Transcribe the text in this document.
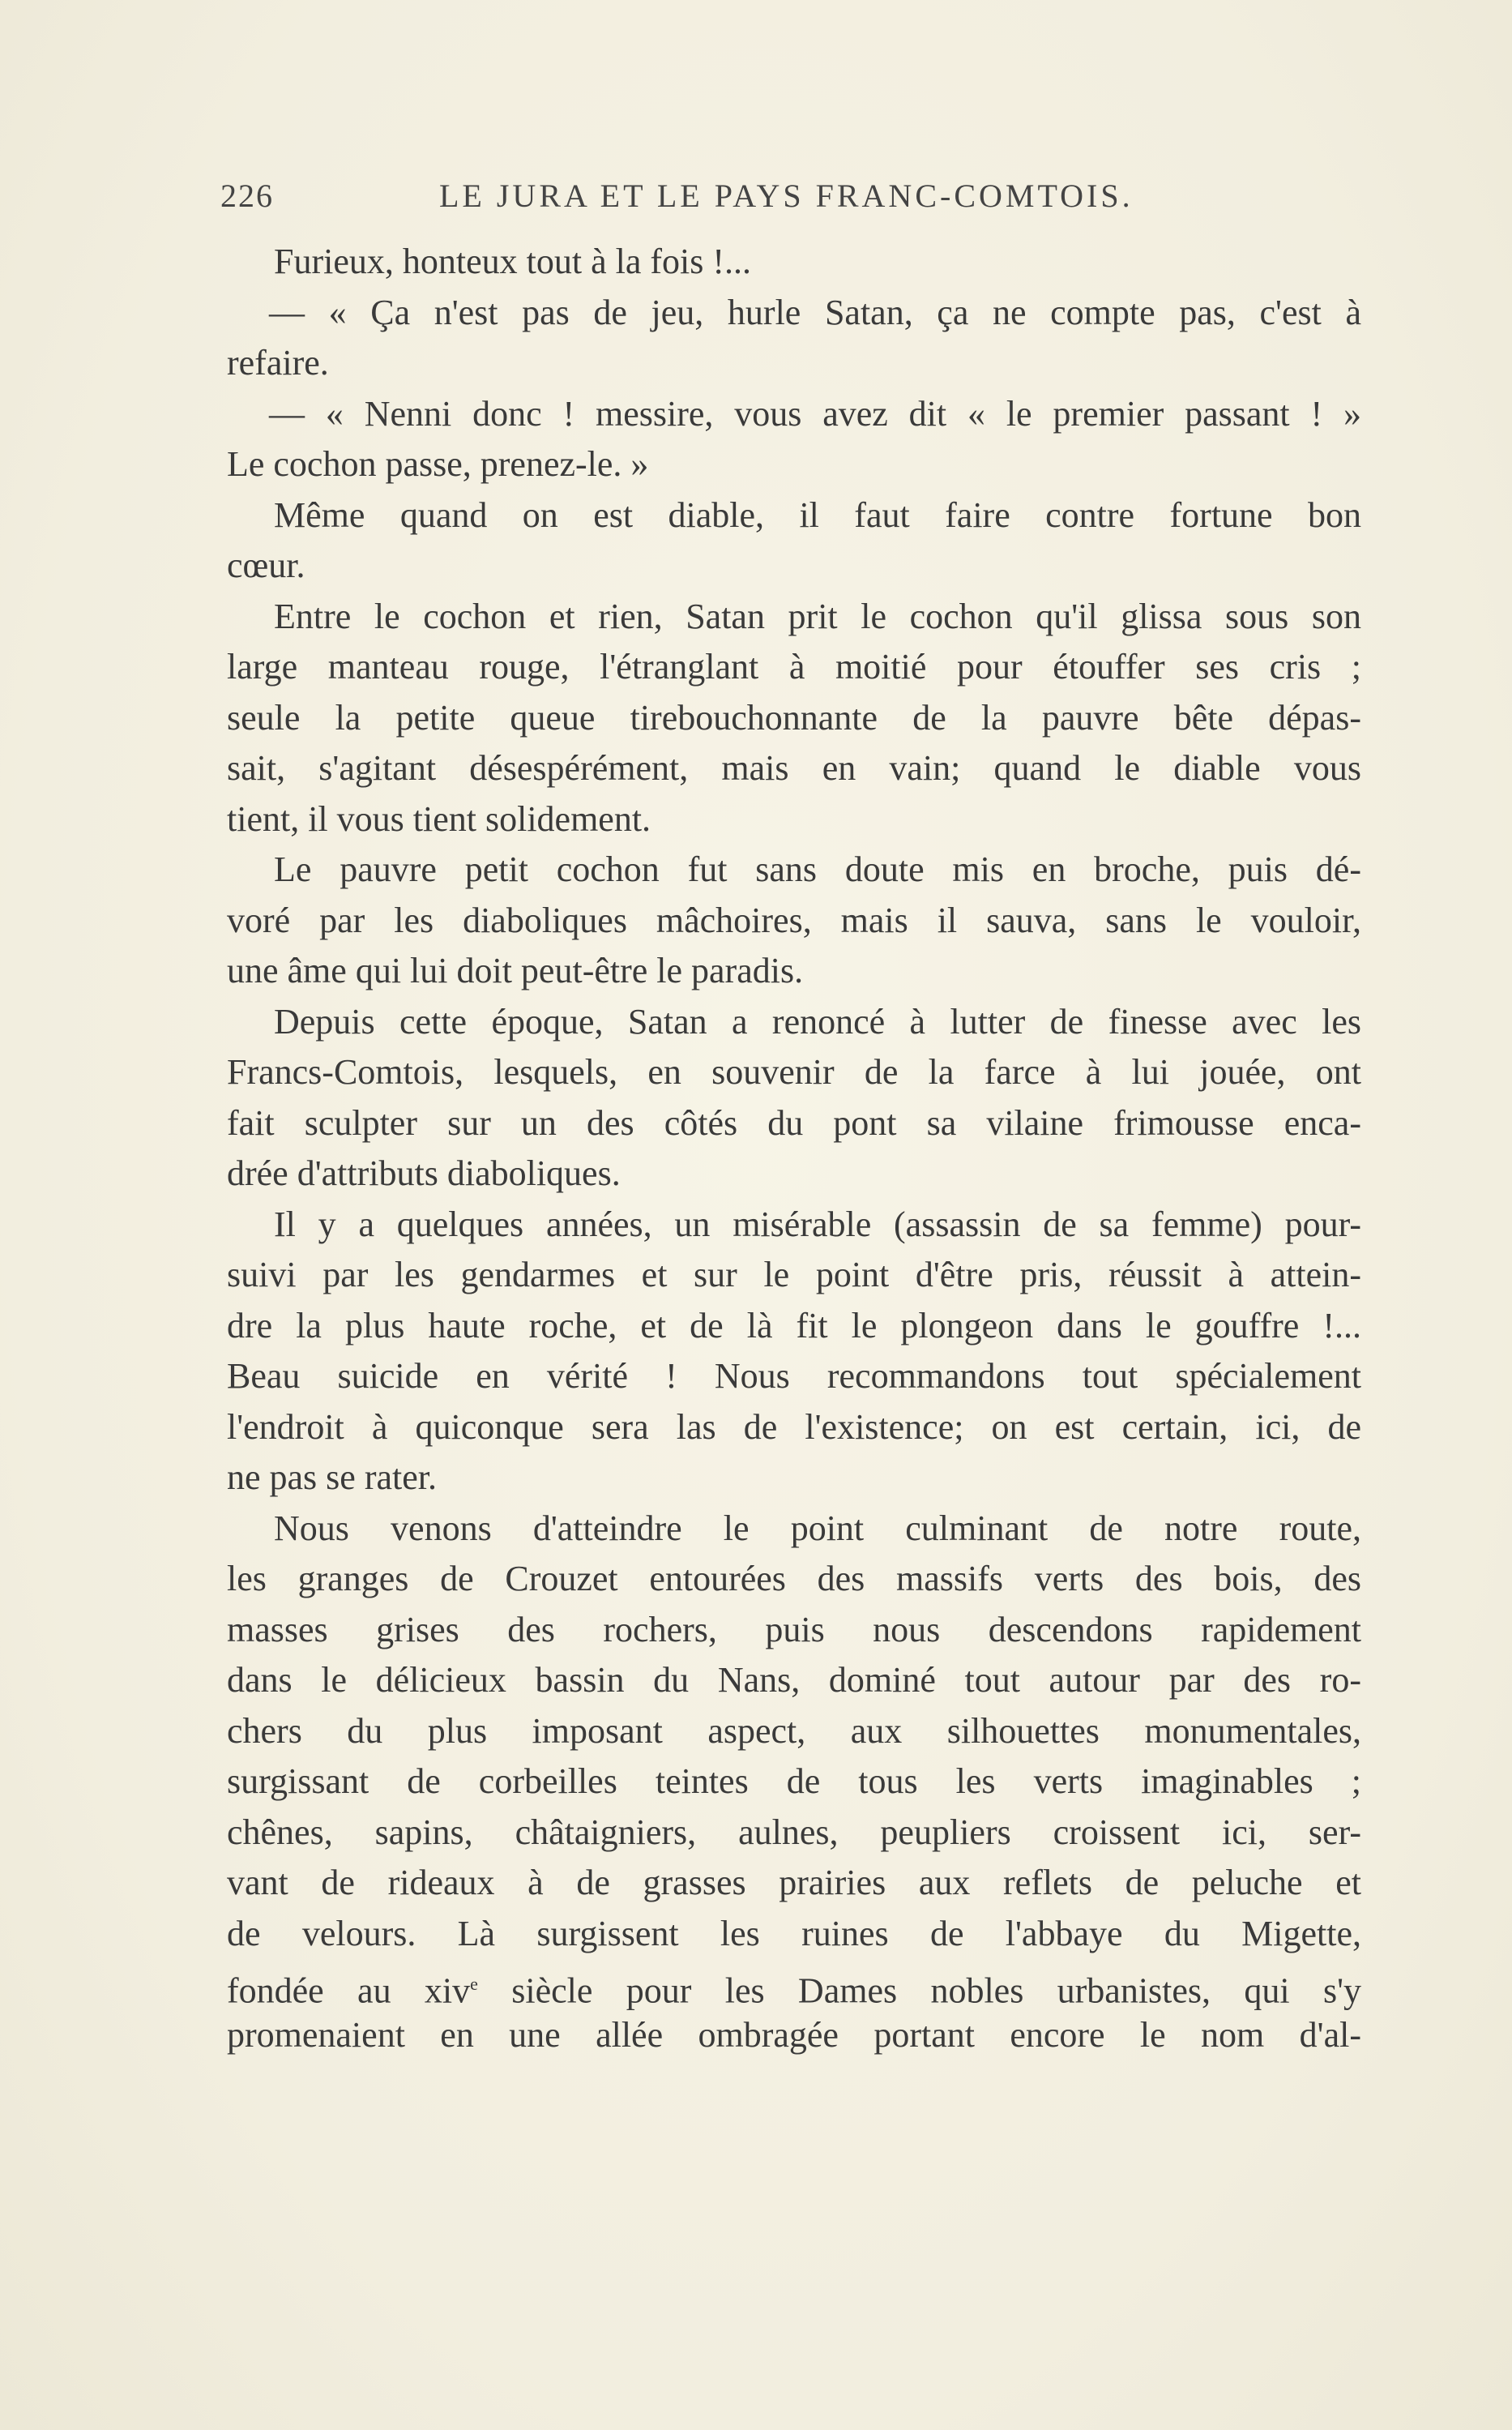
226	LE JURA ET LE PAYS FRANC-COMTOIS.
Furieux, honteux tout à la fois !...
— « Ça n'est pas de jeu, hurle Satan, ça ne compte pas, c'est à
refaire.
— « Nenni donc ! messire, vous avez dit « le premier passant ! »
Le cochon passe, prenez-le. »
Même quand on est diable, il faut faire contre fortune bon
cœur.
Entre le cochon et rien, Satan prit le cochon qu'il glissa sous son
large manteau rouge, l'étranglant à moitié pour étouffer ses cris ;
seule la petite queue tirebouchonnante de la pauvre bête dépas-
sait, s'agitant désespérément, mais en vain; quand le diable vous
tient, il vous tient solidement.
Le pauvre petit cochon fut sans doute mis en broche, puis dé-
voré par les diaboliques mâchoires, mais il sauva, sans le vouloir,
une âme qui lui doit peut-être le paradis.
Depuis cette époque, Satan a renoncé à lutter de finesse avec les
Francs-Comtois, lesquels, en souvenir de la farce à lui jouée, ont
fait sculpter sur un des côtés du pont sa vilaine frimousse enca-
drée d'attributs diaboliques.
Il y a quelques années, un misérable (assassin de sa femme) pour-
suivi par les gendarmes et sur le point d'être pris, réussit à attein-
dre la plus haute roche, et de là fit le plongeon dans le gouffre !...
Beau suicide en vérité ! Nous recommandons tout spécialement
l'endroit à quiconque sera las de l'existence; on est certain, ici, de
ne pas se rater.
Nous venons d'atteindre le point culminant de notre route,
les granges de Crouzet entourées des massifs verts des bois, des
masses grises des rochers, puis nous descendons rapidement
dans le délicieux bassin du Nans, dominé tout autour par des ro-
chers du plus imposant aspect, aux silhouettes monumentales,
surgissant de corbeilles teintes de tous les verts imaginables ;
chênes, sapins, châtaigniers, aulnes, peupliers croissent ici, ser-
vant de rideaux à de grasses prairies aux reflets de peluche et
de velours. Là surgissent les ruines de l'abbaye du Migette,
fondée au xiv$^e$ siècle pour les Dames nobles urbanistes, qui s'y
promenaient en une allée ombragée portant encore le nom d'al-
